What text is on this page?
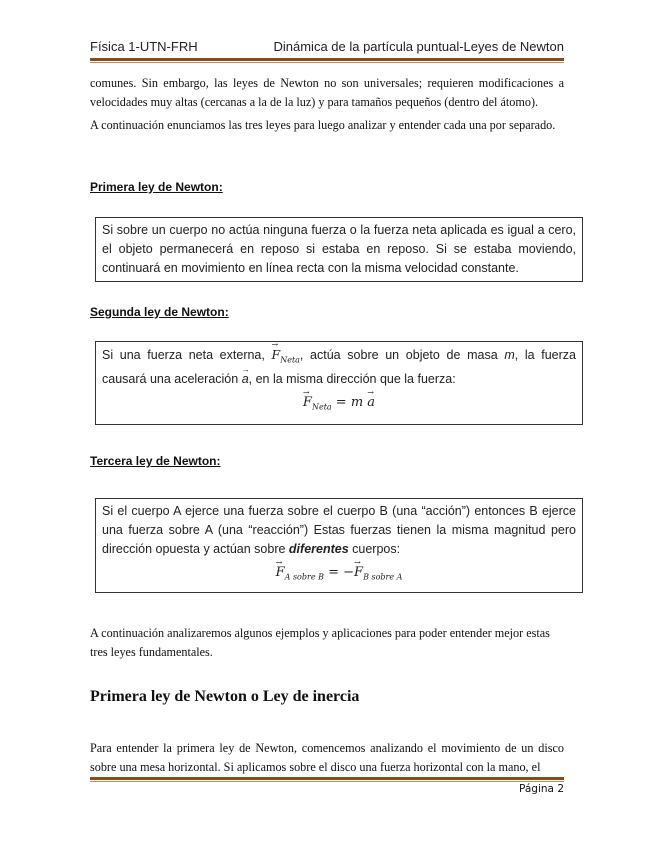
Física 1-UTN-FRH	Dinámica de la partícula puntual-Leyes de Newton
comunes. Sin embargo, las leyes de Newton no son universales; requieren modificaciones a velocidades muy altas (cercanas a la de la luz) y para tamaños pequeños (dentro del átomo).
A continuación enunciamos las tres leyes para luego analizar y entender cada una por separado.
Primera ley de Newton:
Si sobre un cuerpo no actúa ninguna fuerza o la fuerza neta aplicada es igual a cero, el objeto permanecerá en reposo si estaba en reposo. Si se estaba moviendo, continuará en movimiento en línea recta con la misma velocidad constante.
Segunda ley de Newton:
Si una fuerza neta externa, → $F_{Neta}$, actúa sobre un objeto de masa m, la fuerza causará una aceleración → a, en la misma dirección que la fuerza:
→ $F_{Neta} = m \to a$
Tercera ley de Newton:
Si el cuerpo A ejerce una fuerza sobre el cuerpo B (una “acción”) entonces B ejerce una fuerza sobre A (una “reacción”) Estas fuerzas tienen la misma magnitud pero dirección opuesta y actúan sobre diferentes cuerpos:
→ $F_{A sobre B}$ = −→ $F_{B sobre A}$
A continuación analizaremos algunos ejemplos y aplicaciones para poder entender mejor estas tres leyes fundamentales.
Primera ley de Newton o Ley de inercia
Para entender la primera ley de Newton, comencemos analizando el movimiento de un disco sobre una mesa horizontal. Si aplicamos sobre el disco una fuerza horizontal con la mano, el
Página 2
